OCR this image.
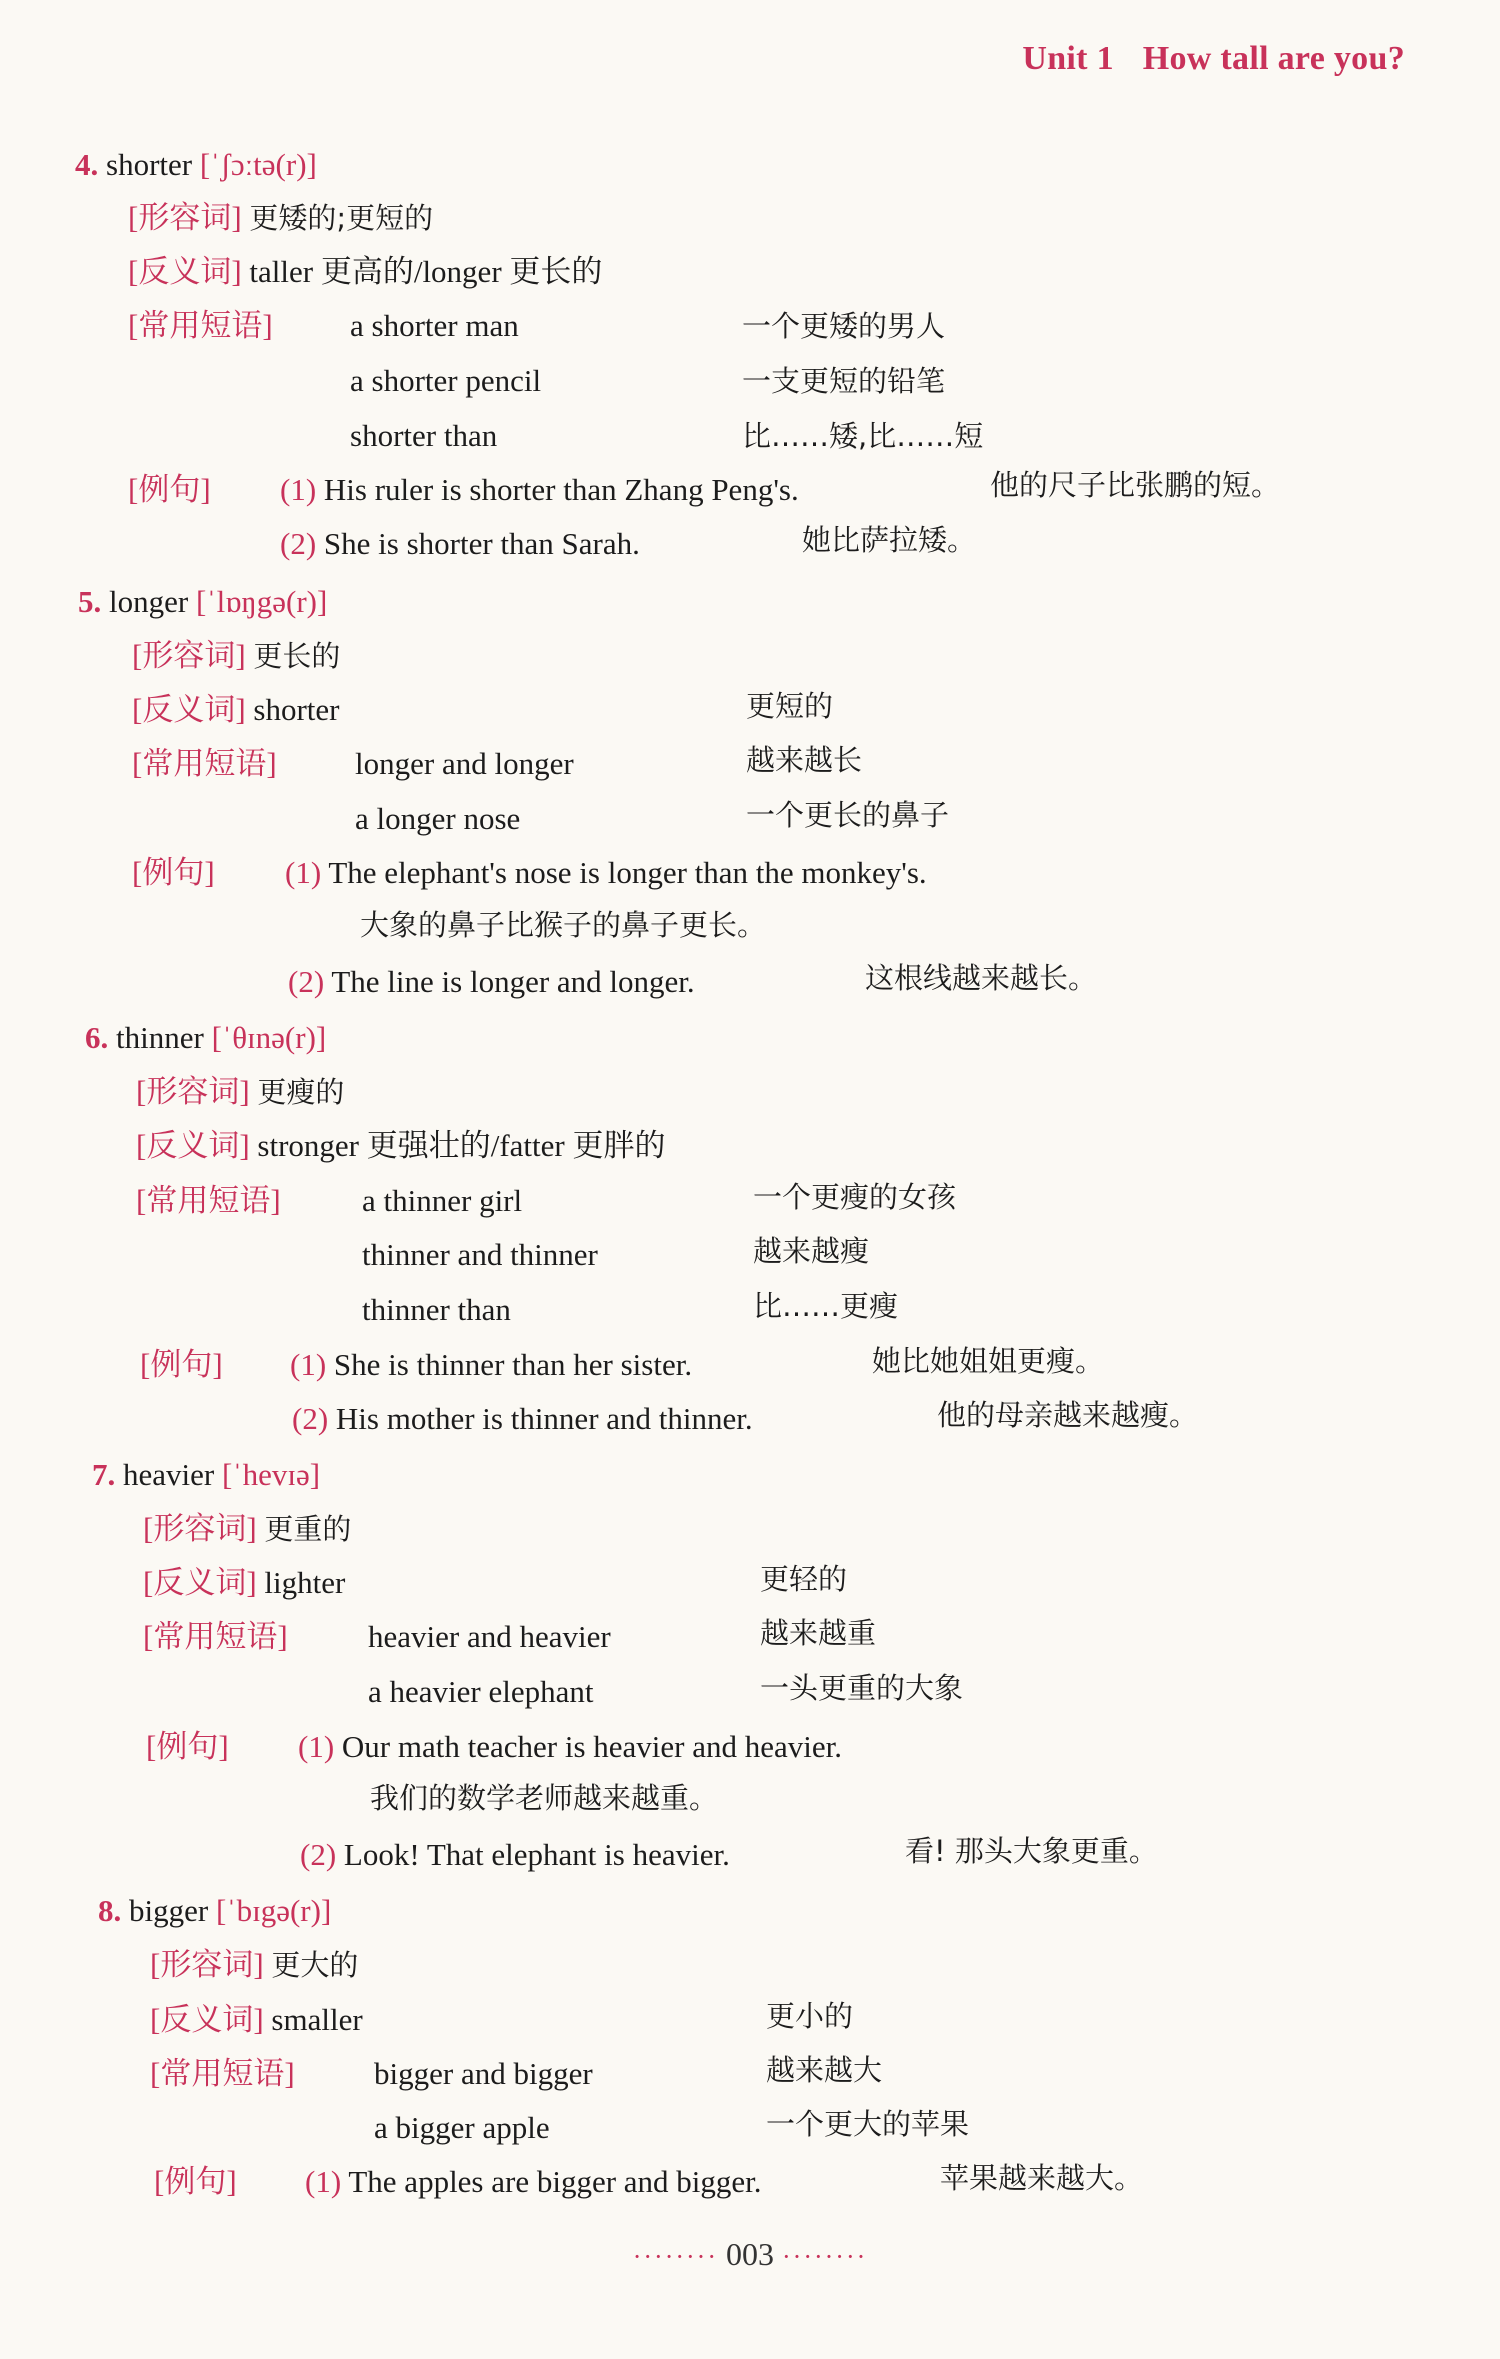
Unit 1 How tall are you?
4. shorter [ˈʃɔːtə(r)]
[形容词] 更矮的;更短的
[反义词] taller 更高的/longer 更长的
[常用短语] a shorter man	一个更矮的男人
a shorter pencil	一支更短的铅笔
shorter than	比……矮,比……短
[例句] (1) His ruler is shorter than Zhang Peng's.	他的尺子比张鹏的短。
(2) She is shorter than Sarah.	她比萨拉矮。
5. longer [ˈlɒŋgə(r)]
[形容词] 更长的
[反义词] shorter	更短的
[常用短语]	longer and longer	越来越长
a longer nose	一个更长的鼻子
[例句] (1) The elephant's nose is longer than the monkey's.
大象的鼻子比猴子的鼻子更长。
(2) The line is longer and longer.	这根线越来越长。
6. thinner [ˈθɪnə(r)]
[形容词] 更瘦的
[反义词] stronger 更强壮的/fatter 更胖的
[常用短语]	a thinner girl	一个更瘦的女孩
thinner and thinner	越来越瘦
thinner than	比……更瘦
[例句] (1) She is thinner than her sister.	她比她姐姐更瘦。
(2) His mother is thinner and thinner.	他的母亲越来越瘦。
7. heavier [ˈhevɪə]
[形容词] 更重的
[反义词] lighter	更轻的
[常用短语]	heavier and heavier	越来越重
a heavier elephant	一头更重的大象
[例句] (1) Our math teacher is heavier and heavier.
我们的数学老师越来越重。
(2) Look! That elephant is heavier.	看! 那头大象更重。
8. bigger [ˈbɪgə(r)]
[形容词] 更大的
[反义词] smaller	更小的
[常用短语]	bigger and bigger	越来越大
a bigger apple	一个更大的苹果
[例句] (1) The apples are bigger and bigger.	苹果越来越大。
········ 003 ········
